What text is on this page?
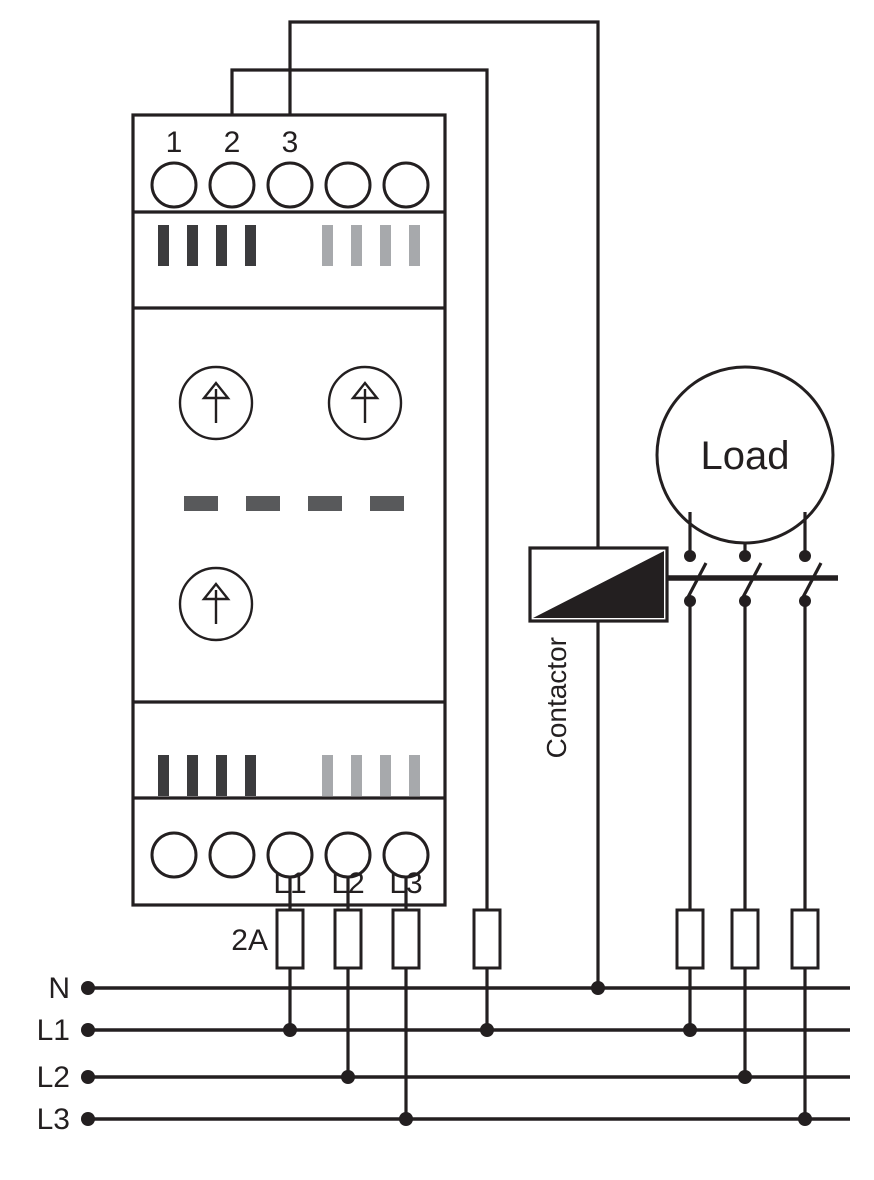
1 2 3
L1 L2 L3
Load
Contactor
2A
N
L1
L2
L3
